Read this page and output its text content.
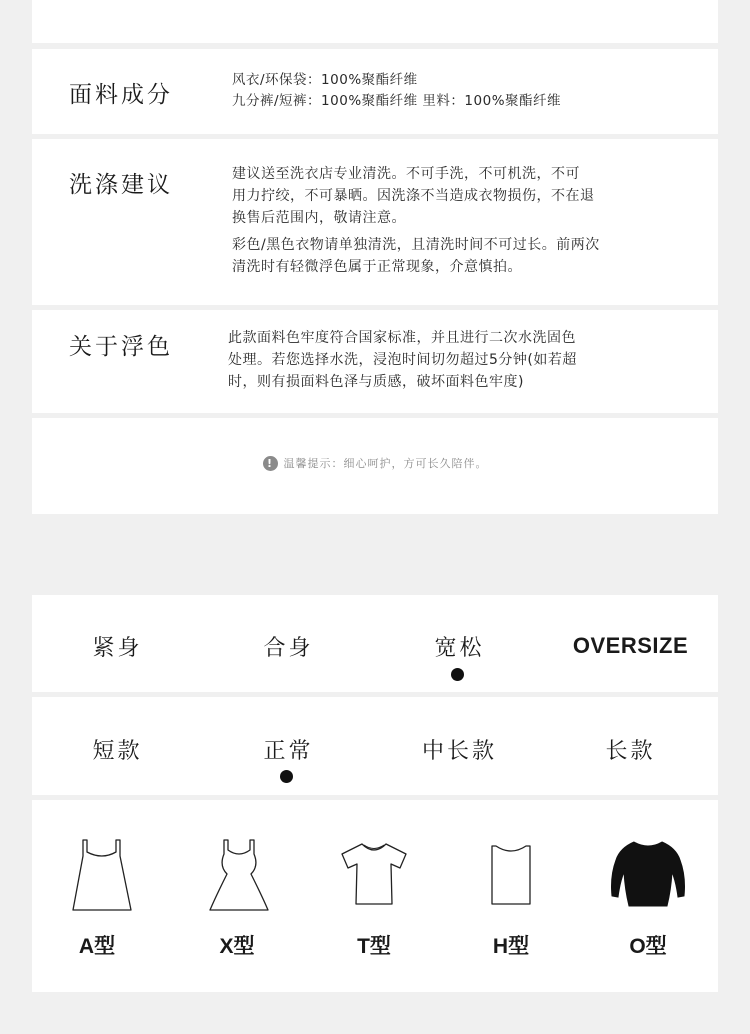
面料成分
风衣/环保袋：100%聚酯纤维
九分裤/短裤：100%聚酯纤维 里料：100%聚酯纤维
洗涤建议	建议送至洗衣店专业清洗。不可手洗，不可机洗，不可
用力拧绞，不可暴晒。因洗涤不当造成衣物损伤，不在退
换售后范围内，敬请注意。
彩色/黑色衣物请单独清洗，且清洗时间不可过长。前两次
清洗时有轻微浮色属于正常现象，介意慎拍。
关于浮色	此款面料色牢度符合国家标准，并且进行二次水洗固色
处理。若您选择水洗，浸泡时间切勿超过5分钟(如若超
时，则有损面料色泽与质感，破坏面料色牢度)
! 温馨提示：细心呵护，方可长久陪伴。
紧身	合身	宽松	OVERSIZE
短款	正常	中长款	长款
A型	X型	T型	H型	O型
